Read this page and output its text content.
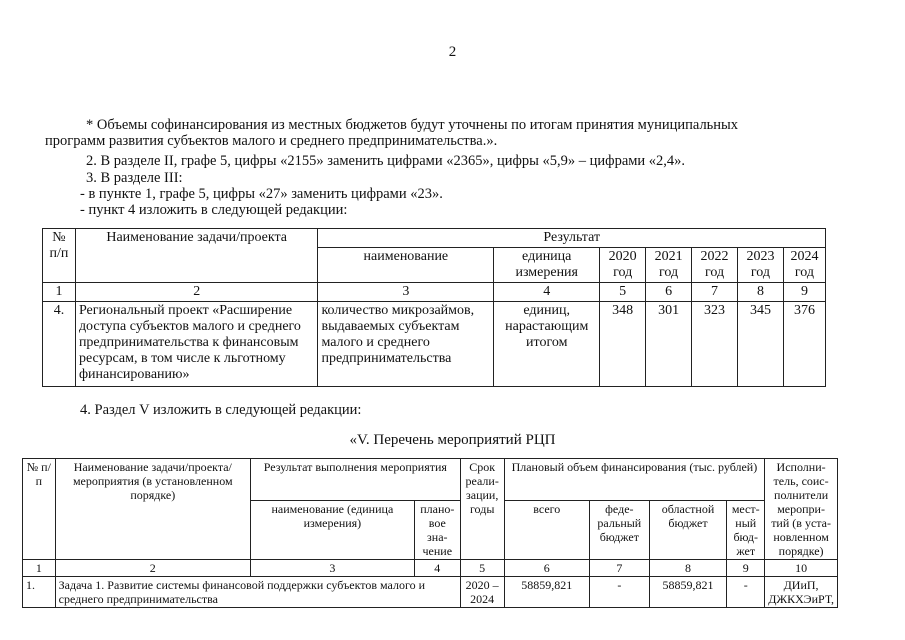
2
* Объемы софинансирования из местных бюджетов будут уточнены по итогам принятия муниципальных
программ развития субъектов малого и среднего предпринимательства.».
2. В разделе II, графе 5, цифры «2155» заменить цифрами «2365», цифры «5,9» – цифрами «2,4».
3. В разделе III:
- в пункте 1, графе 5, цифры «27» заменить цифрами «23».
- пункт 4 изложить в следующей редакции:
№ п/п	Наименование задачи/проекта	Результат						
		наименование	единица измерения	2020 год	2021 год	2022 год	2023 год	2024 год
1	2	3	4	5	6	7	8	9
4.	Региональный проект «Расширение доступа субъектов малого и среднего предпринимательства к финансовым ресурсам, в том числе к льготному финансированию»	количество микрозаймов, выдаваемых субъектам малого и среднего предпринимательства	единиц, нарастающим итогом	348	301	323	345	376
4. Раздел V изложить в следующей редакции:
«V. Перечень мероприятий РЦП
№ п/п	Наименование задачи/проекта/мероприятия (в установленном порядке)	Результат выполнения мероприятия		Срок реали-зации, годы	Плановый объем финансирования (тыс. рублей)				Исполни-тель, соис-полнители меропри-тий (в уста-новленном порядке)
		наименование (единица измерения)	плано-вое зна-чение		всего	феде-ральный бюджет	областной бюджет	мест-ный бюд-жет	
1	2	3	4	5	6	7	8	9	10
1.	Задача 1. Развитие системы финансовой поддержки субъектов малого и среднего предпринимательства			2020 – 2024	58859,821	-	58859,821	-	ДИиП, ДЖКХЭиРТ,
